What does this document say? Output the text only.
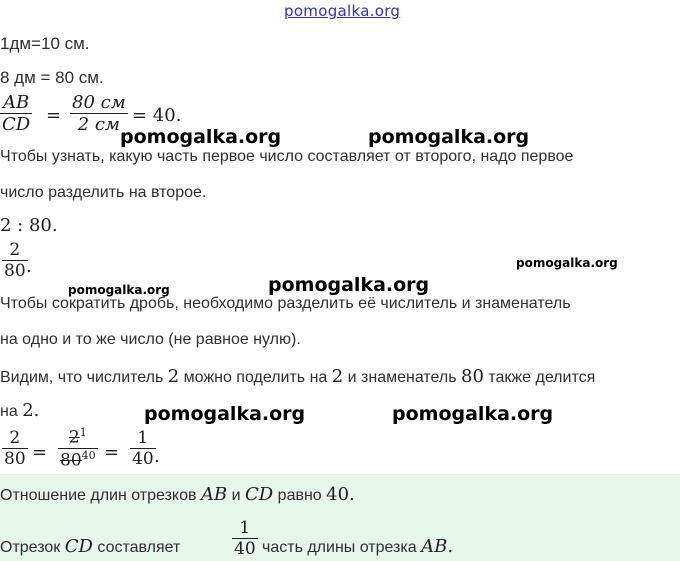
pomogalka.org
1дм=10 см.
8 дм = 80 см.
$\frac{AB}{CD}$ =
80 см
2 см = 40.
pomogalka.org	pomogalka.org
Чтобы узнать, какую часть первое число составляет от второго, надо первое
число разделить на второе.
2 : 80.
$\frac{2}{80}$
.
pomogalka.org
pomogalka.org
pomogalka.org
Чтобы сократить дробь, необходимо разделить её числитель и знаменатель
на одно и то же число (не равное нулю).
Видим, что числитель 2 можно поделить на 2 и знаменатель 80 также делится
на 2.	pomogalka.org	pomogalka.org
$\frac{2}{80} = \frac{2^1}{80^{40}} = \frac{1}{40}$
.
Отношение длин отрезков AB и CD равно 40.
Отрезок CD составляет	$\frac{1}{40}$ часть длины отрезка AB.
